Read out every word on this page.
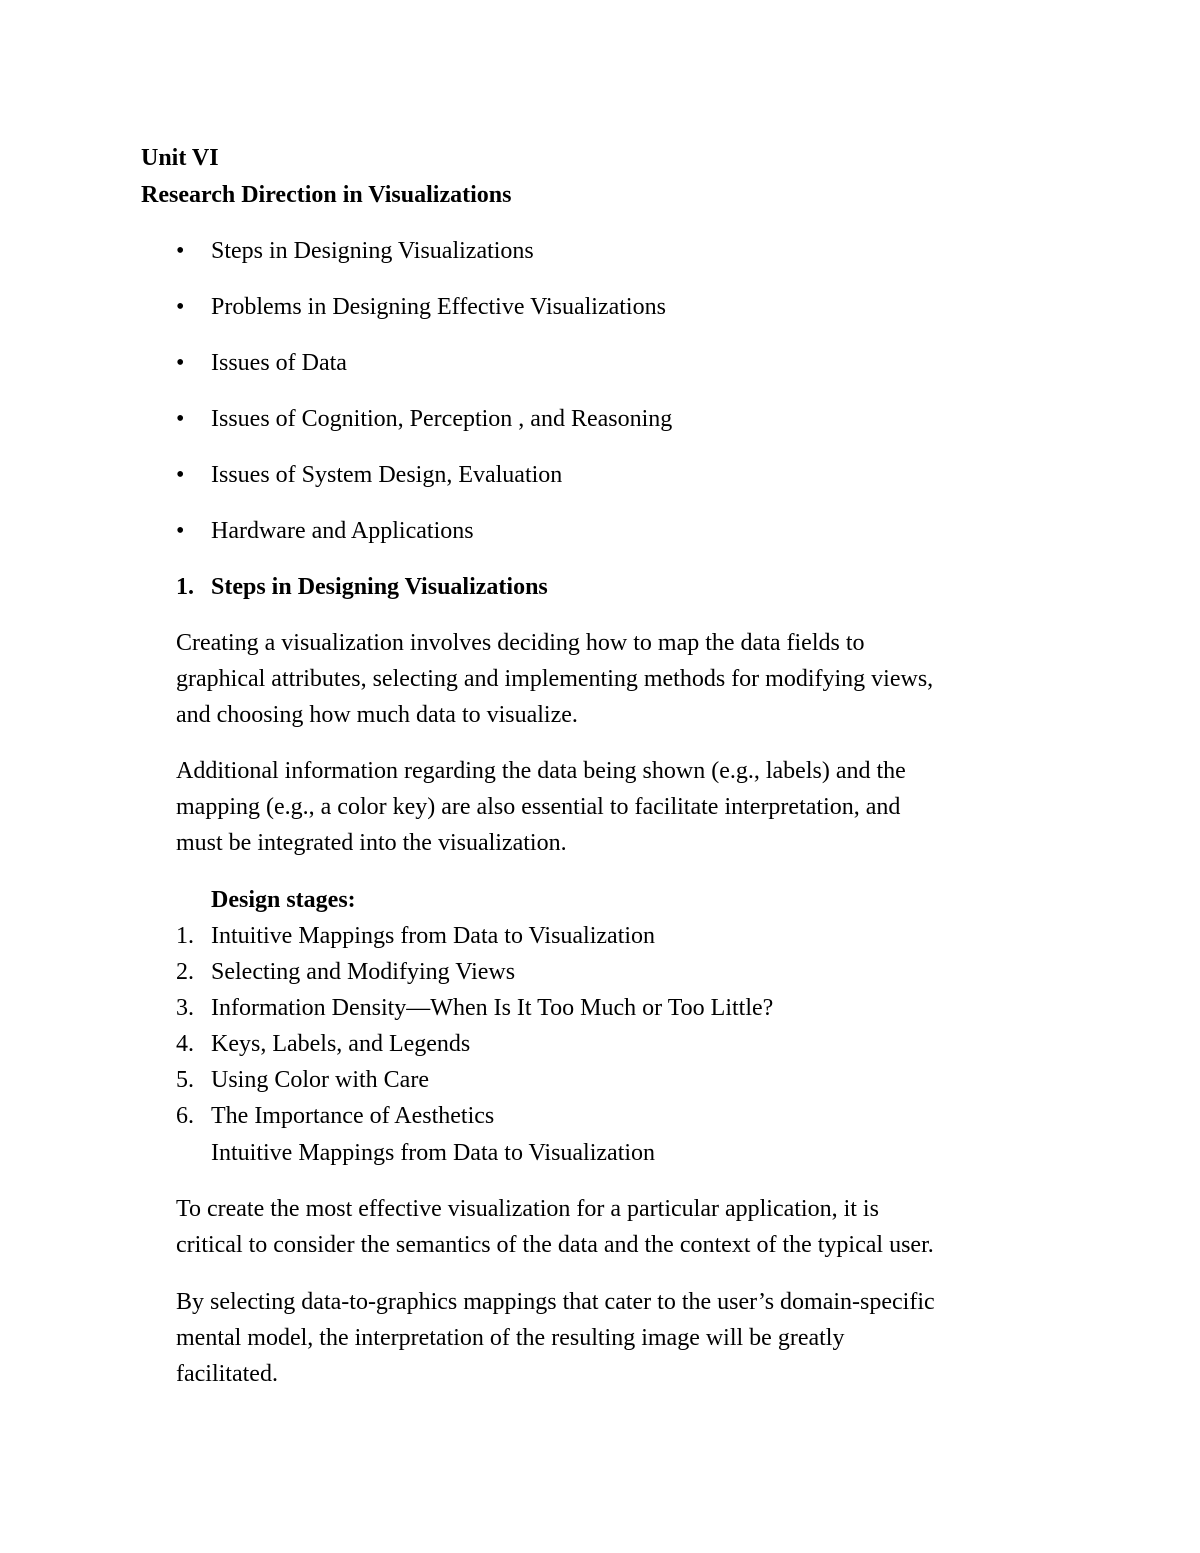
Unit VI
Research Direction in Visualizations
• Steps in Designing Visualizations
• Problems in Designing Effective Visualizations
• Issues of Data
• Issues of Cognition, Perception , and Reasoning
• Issues of System Design, Evaluation
• Hardware and Applications
1. Steps in Designing Visualizations
Creating a visualization involves deciding how to map the data fields to
graphical attributes, selecting and implementing methods for modifying views,
and choosing how much data to visualize.
Additional information regarding the data being shown (e.g., labels) and the
mapping (e.g., a color key) are also essential to facilitate interpretation, and
must be integrated into the visualization.
Design stages:
1. Intuitive Mappings from Data to Visualization
2. Selecting and Modifying Views
3. Information Density—When Is It Too Much or Too Little?
4. Keys, Labels, and Legends
5. Using Color with Care
6. The Importance of Aesthetics
Intuitive Mappings from Data to Visualization
To create the most effective visualization for a particular application, it is
critical to consider the semantics of the data and the context of the typical user.
By selecting data-to-graphics mappings that cater to the user’s domain-specific
mental model, the interpretation of the resulting image will be greatly
facilitated.
